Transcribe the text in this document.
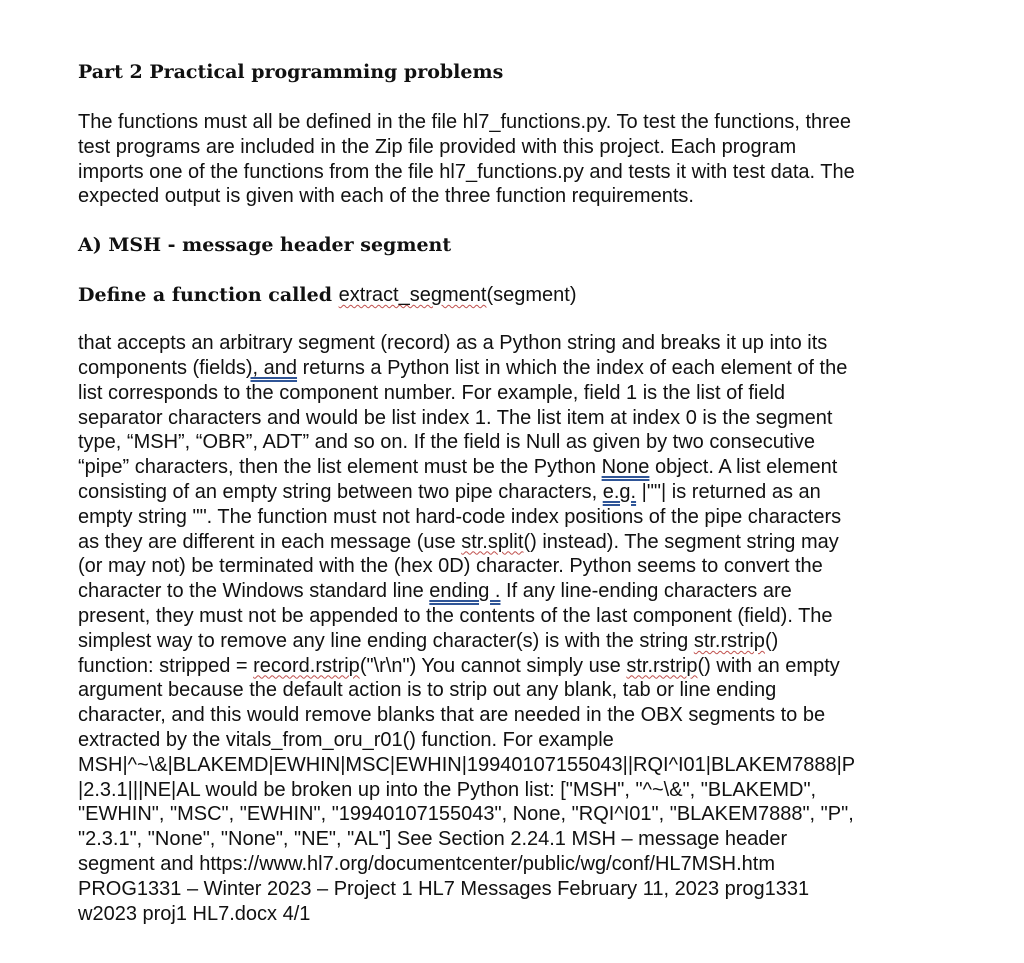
Part 2 Practical programming problems
The functions must all be defined in the file hl7_functions.py. To test the functions, three
test programs are included in the Zip file provided with this project. Each program
imports one of the functions from the file hl7_functions.py and tests it with test data. The
expected output is given with each of the three function requirements.
A) MSH - message header segment
Define a function called extract_segment(segment)
that accepts an arbitrary segment (record) as a Python string and breaks it up into its
components (fields), and returns a Python list in which the index of each element of the
list corresponds to the component number. For example, field 1 is the list of field
separator characters and would be list index 1. The list item at index 0 is the segment
type, “MSH”, “OBR”, ADT” and so on. If the field is Null as given by two consecutive
“pipe” characters, then the list element must be the Python None object. A list element
consisting of an empty string between two pipe characters, e.g. |""| is returned as an
empty string "". The function must not hard-code index positions of the pipe characters
as they are different in each message (use str.split() instead). The segment string may
(or may not) be terminated with the (hex 0D) character. Python seems to convert the
character to the Windows standard line ending . If any line-ending characters are
present, they must not be appended to the contents of the last component (field). The
simplest way to remove any line ending character(s) is with the string str.rstrip()
function: stripped = record.rstrip("\r\n") You cannot simply use str.rstrip() with an empty
argument because the default action is to strip out any blank, tab or line ending
character, and this would remove blanks that are needed in the OBX segments to be
extracted by the vitals_from_oru_r01() function. For example
MSH|^~\&|BLAKEMD|EWHIN|MSC|EWHIN|19940107155043||RQI^I01|BLAKEM7888|P
|2.3.1|||NE|AL would be broken up into the Python list: ["MSH", "^~\&", "BLAKEMD",
"EWHIN", "MSC", "EWHIN", "19940107155043", None, "RQI^I01", "BLAKEM7888", "P",
"2.3.1", "None", "None", "NE", "AL"] See Section 2.24.1 MSH – message header
segment and https://www.hl7.org/documentcenter/public/wg/conf/HL7MSH.htm
PROG1331 – Winter 2023 – Project 1 HL7 Messages February 11, 2023 prog1331
w2023 proj1 HL7.docx 4/1
